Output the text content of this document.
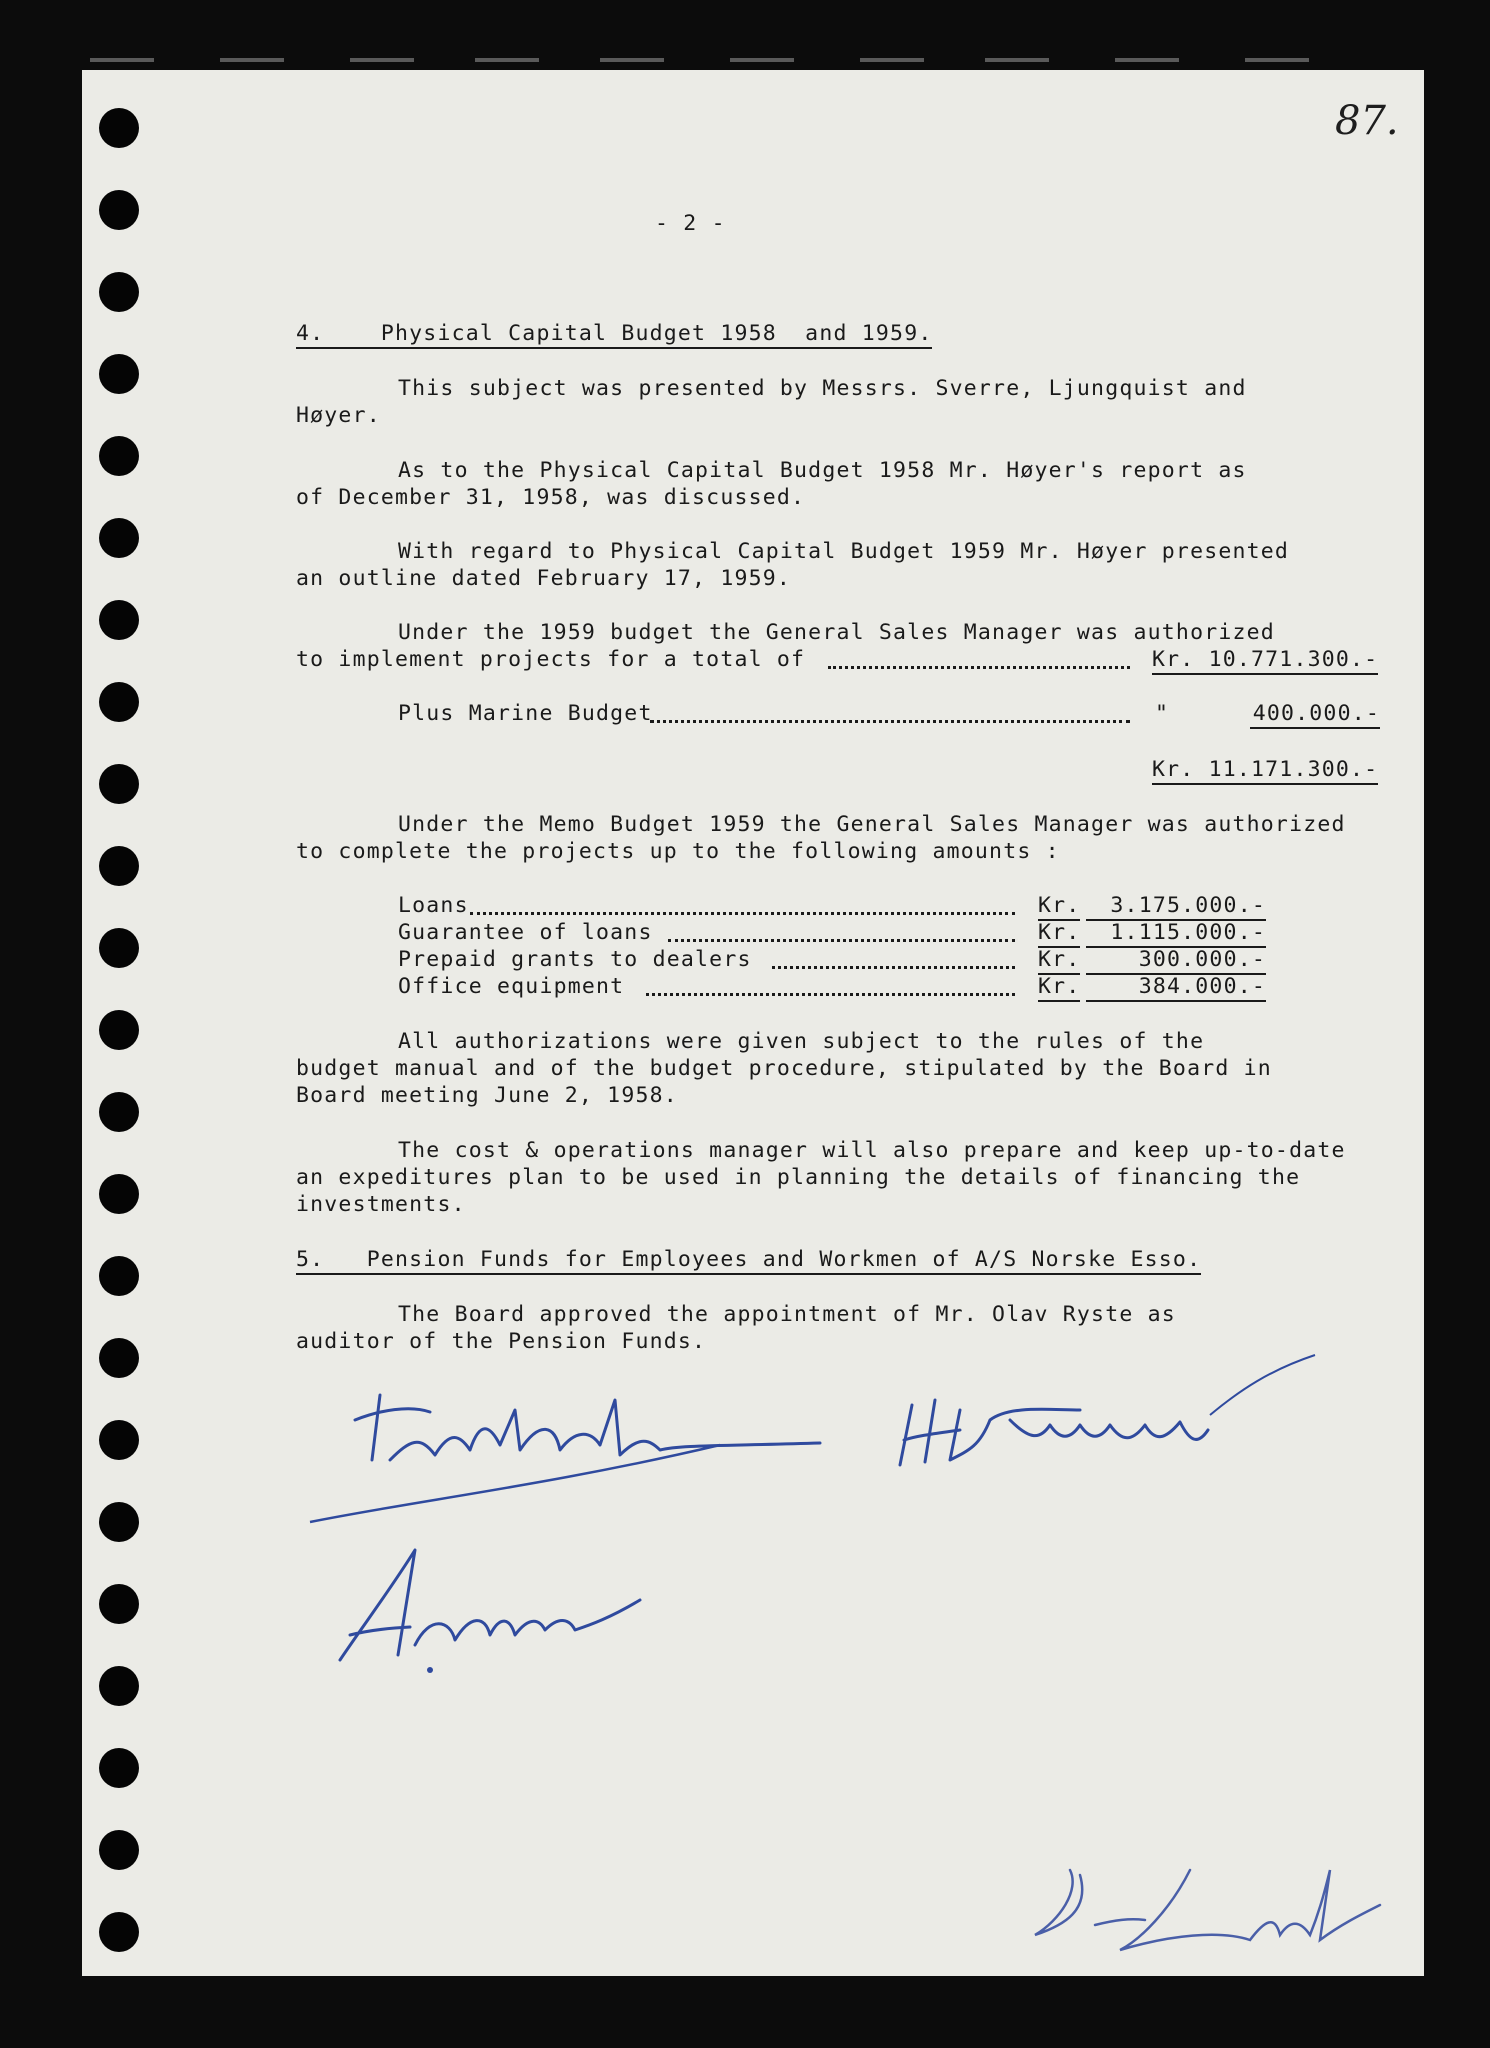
87.
- 2 -
4.    Physical Capital Budget 1958  and 1959.
This subject was presented by Messrs. Sverre, Ljungquist and
Høyer.
As to the Physical Capital Budget 1958 Mr. Høyer's report as
of December 31, 1958, was discussed.
With regard to Physical Capital Budget 1959 Mr. Høyer presented
an outline dated February 17, 1959.
Under the 1959 budget the General Sales Manager was authorized
to implement projects for a total of	Kr. 10.771.300.-
Plus Marine Budget	"	400.000.-
Kr. 11.171.300.-
Under the Memo Budget 1959 the General Sales Manager was authorized
to complete the projects up to the following amounts :
Loans	Kr.	3.175.000.-
Guarantee of loans	Kr.	1.115.000.-
Prepaid grants to dealers	Kr.	300.000.-
Office equipment	Kr.	384.000.-
All authorizations were given subject to the rules of the
budget manual and of the budget procedure, stipulated by the Board in
Board meeting June 2, 1958.
The cost & operations manager will also prepare and keep up-to-date
an expeditures plan to be used in planning the details of financing the
investments.
5.   Pension Funds for Employees and Workmen of A/S Norske Esso.
The Board approved the appointment of Mr. Olav Ryste as
auditor of the Pension Funds.
